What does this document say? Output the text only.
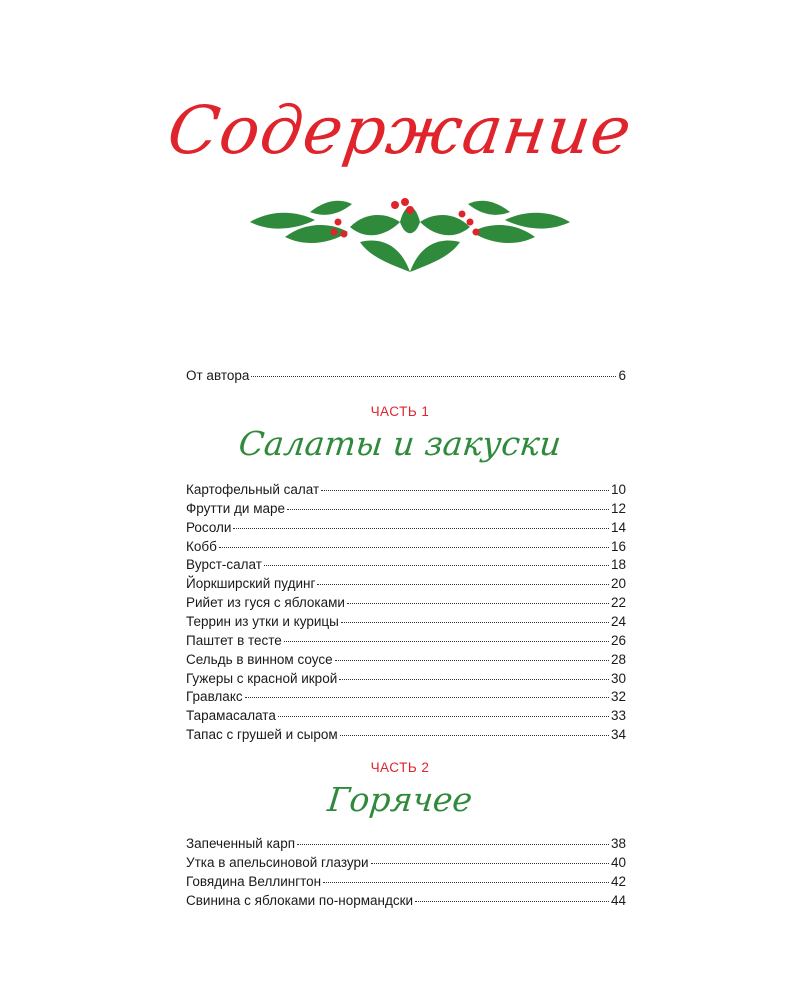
Содержание
От автора	6
ЧАСТЬ 1
Салаты и закуски
Картофельный салат	10
Фрутти ди маре	12
Росоли	14
Кобб	16
Вурст-салат	18
Йоркширский пудинг	20
Рийет из гуся с яблоками	22
Террин из утки и курицы	24
Паштет в тесте	26
Сельдь в винном соусе	28
Гужеры с красной икрой	30
Гравлакс	32
Тарамасалата	33
Тапас с грушей и сыром	34
ЧАСТЬ 2
Горячее
Запеченный карп	38
Утка в апельсиновой глазури	40
Говядина Веллингтон	42
Свинина с яблоками по-нормандски	44
